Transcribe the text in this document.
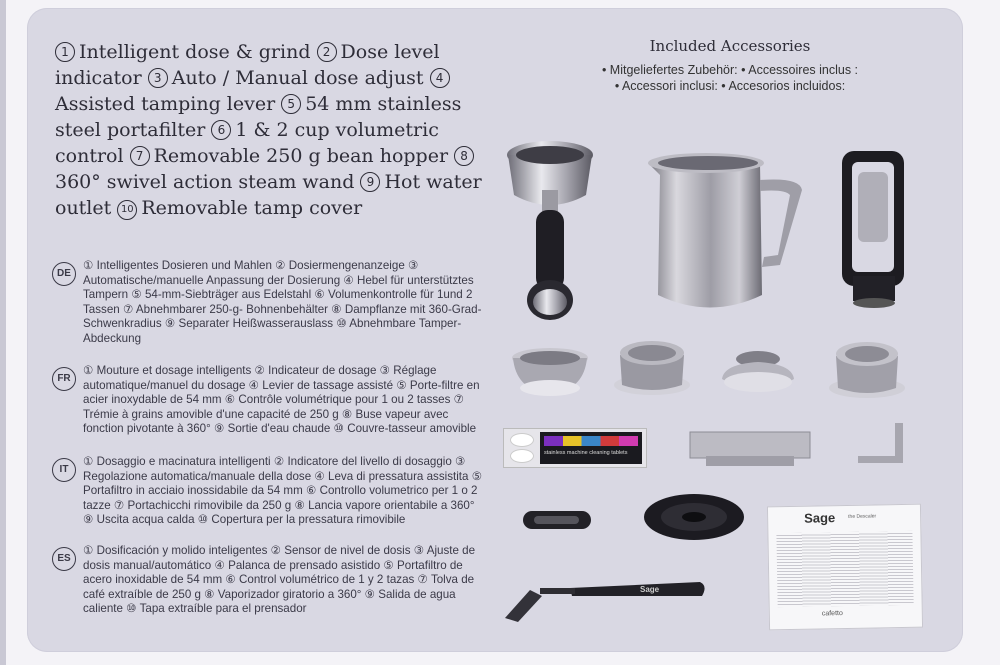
1 Intelligent dose & grind 2 Dose level indicator 3 Auto / Manual dose adjust 4Assisted tamping lever 5 54 mm stainless steel portafilter 6 1 & 2 cup volumetric control 7 Removable 250 g bean hopper 8360° swivel action steam wand 9 Hot water outlet 10 Removable tamp cover
DE
① Intelligentes Dosieren und Mahlen ② Dosiermengenanzeige ③ Automatische/manuelle Anpassung der Dosierung ④ Hebel für unterstütztes Tampern ⑤ 54-mm-Siebträger aus Edelstahl ⑥ Volumenkontrolle für 1und 2 Tassen ⑦ Abnehmbarer 250-g- Bohnenbehälter ⑧ Dampflanze mit 360-Grad-Schwenkradius ⑨ Separater Heißwasserauslass ⑩ Abnehmbare Tamper-Abdeckung
FR
① Mouture et dosage intelligents ② Indicateur de dosage ③ Réglage automatique/manuel du dosage ④ Levier de tassage assisté ⑤ Porte-filtre en acier inoxydable de 54 mm ⑥ Contrôle volumétrique pour 1 ou 2 tasses ⑦ Trémie à grains amovible d'une capacité de 250 g ⑧ Buse vapeur avec fonction pivotante à 360° ⑨ Sortie d'eau chaude ⑩ Couvre-tasseur amovible
IT
① Dosaggio e macinatura intelligenti ② Indicatore del livello di dosaggio ③ Regolazione automatica/manuale della dose ④ Leva di pressatura assistita ⑤ Portafiltro in acciaio inossidabile da 54 mm ⑥ Controllo volumetrico per 1 o 2 tazze ⑦ Portachicchi rimovibile da 250 g ⑧ Lancia vapore orientabile a 360° ⑨ Uscita acqua calda ⑩ Copertura per la pressatura rimovibile
ES
① Dosificación y molido inteligentes ② Sensor de nivel de dosis ③ Ajuste de dosis manual/automático ④ Palanca de prensado asistido ⑤ Portafiltro de acero inoxidable de 54 mm ⑥ Control volumétrico de 1 y 2 tazas ⑦ Tolva de café extraíble de 250 g ⑧ Vaporizador giratorio a 360° ⑨ Salida de agua caliente ⑩ Tapa extraíble para el prensador
Included Accessories
• Mitgeliefertes Zubehör: • Accessoires inclus :
• Accessori inclusi: • Accesorios incluidos:
stainless machine cleaning tablets
Sage
Sage	the Descaler
cafetto
